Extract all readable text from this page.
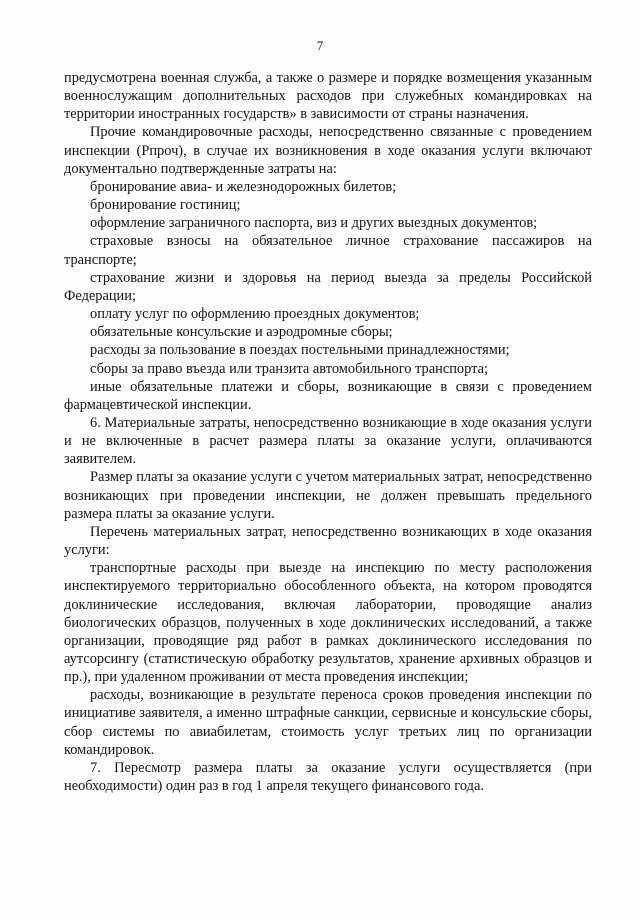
7

предусмотрена военная служба, а также о размере и порядке возмещения указанным военнослужащим дополнительных расходов при служебных командировках на территории иностранных государств» в зависимости от страны назначения.

Прочие командировочные расходы, непосредственно связанные с проведением инспекции (Рпроч), в случае их возникновения в ходе оказания услуги включают документально подтвержденные затраты на:

бронирование авиа- и железнодорожных билетов;

бронирование гостиниц;

оформление заграничного паспорта, виз и других выездных документов;

страховые взносы на обязательное личное страхование пассажиров на транспорте;

страхование жизни и здоровья на период выезда за пределы Российской Федерации;

оплату услуг по оформлению проездных документов;

обязательные консульские и аэродромные сборы;

расходы за пользование в поездах постельными принадлежностями;

сборы за право въезда или транзита автомобильного транспорта;

иные обязательные платежи и сборы, возникающие в связи с проведением фармацевтической инспекции.

6. Материальные затраты, непосредственно возникающие в ходе оказания услуги и не включенные в расчет размера платы за оказание услуги, оплачиваются заявителем.

Размер платы за оказание услуги с учетом материальных затрат, непосредственно возникающих при проведении инспекции, не должен превышать предельного размера платы за оказание услуги.

Перечень материальных затрат, непосредственно возникающих в ходе оказания услуги:

транспортные расходы при выезде на инспекцию по месту расположения инспектируемого территориально обособленного объекта, на котором проводятся доклинические исследования, включая лаборатории, проводящие анализ биологических образцов, полученных в ходе доклинических исследований, а также организации, проводящие ряд работ в рамках доклинического исследования по аутсорсингу (статистическую обработку результатов, хранение архивных образцов и пр.), при удаленном проживании от места проведения инспекции;

расходы, возникающие в результате переноса сроков проведения инспекции по инициативе заявителя, а именно штрафные санкции, сервисные и консульские сборы, сбор системы по авиабилетам, стоимость услуг третьих лиц по организации командировок.

7. Пересмотр размера платы за оказание услуги осуществляется (при необходимости) один раз в год 1 апреля текущего финансового года.
